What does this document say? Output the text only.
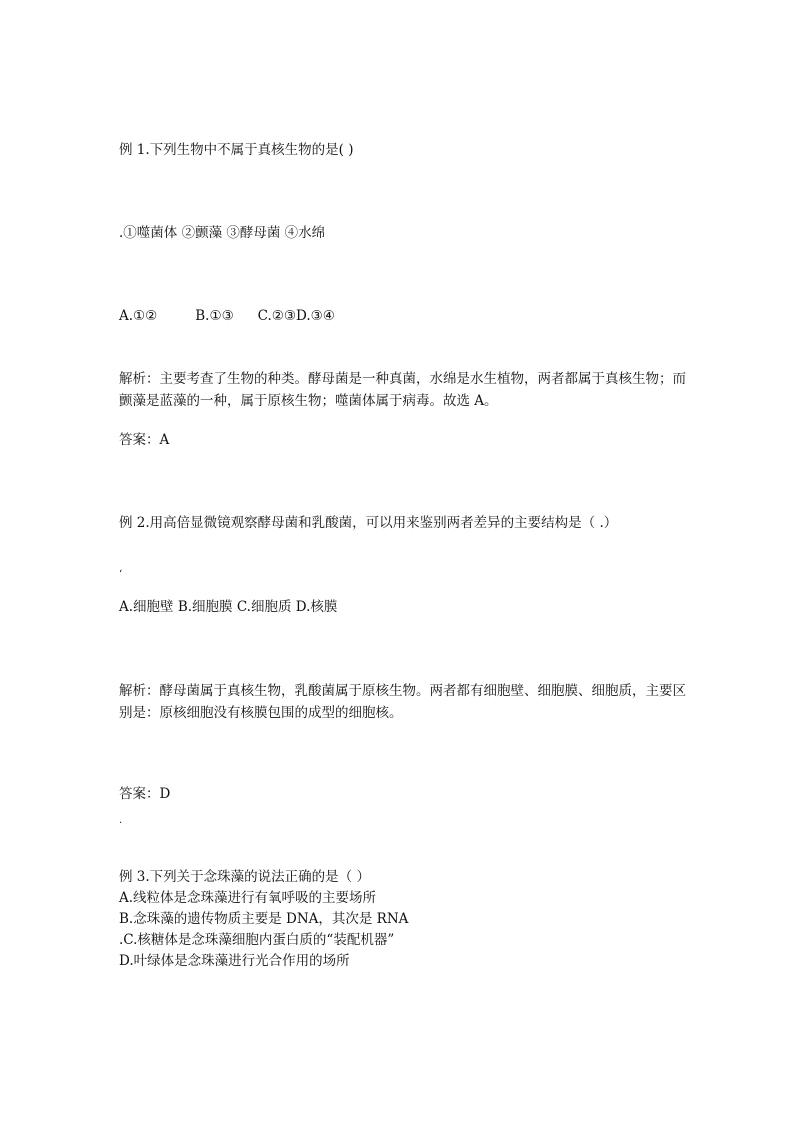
例 1.下列生物中不属于真核生物的是( )
.①噬菌体 ②颤藻 ③酵母菌 ④水绵
A.①②	B.①③ C.②③D.③④
解析：主要考查了生物的种类。酵母菌是一种真菌，水绵是水生植物，两者都属于真核生物；而颤藻是蓝藻的一种，属于原核生物；噬菌体属于病毒。故选 A。
答案：A
例 2.用高倍显微镜观察酵母菌和乳酸菌，可以用来鉴别两者差异的主要结构是（ .）
‘
A.细胞壁 B.细胞膜 C.细胞质 D.核膜
解析：酵母菌属于真核生物，乳酸菌属于原核生物。两者都有细胞壁、细胞膜、细胞质，主要区别是：原核细胞没有核膜包围的成型的细胞核。
答案：D
.
例 3.下列关于念珠藻的说法正确的是（ ）
A.线粒体是念珠藻进行有氧呼吸的主要场所
B.念珠藻的遗传物质主要是 DNA，其次是 RNA
.C.核糖体是念珠藻细胞内蛋白质的“装配机器”
D.叶绿体是念珠藻进行光合作用的场所
